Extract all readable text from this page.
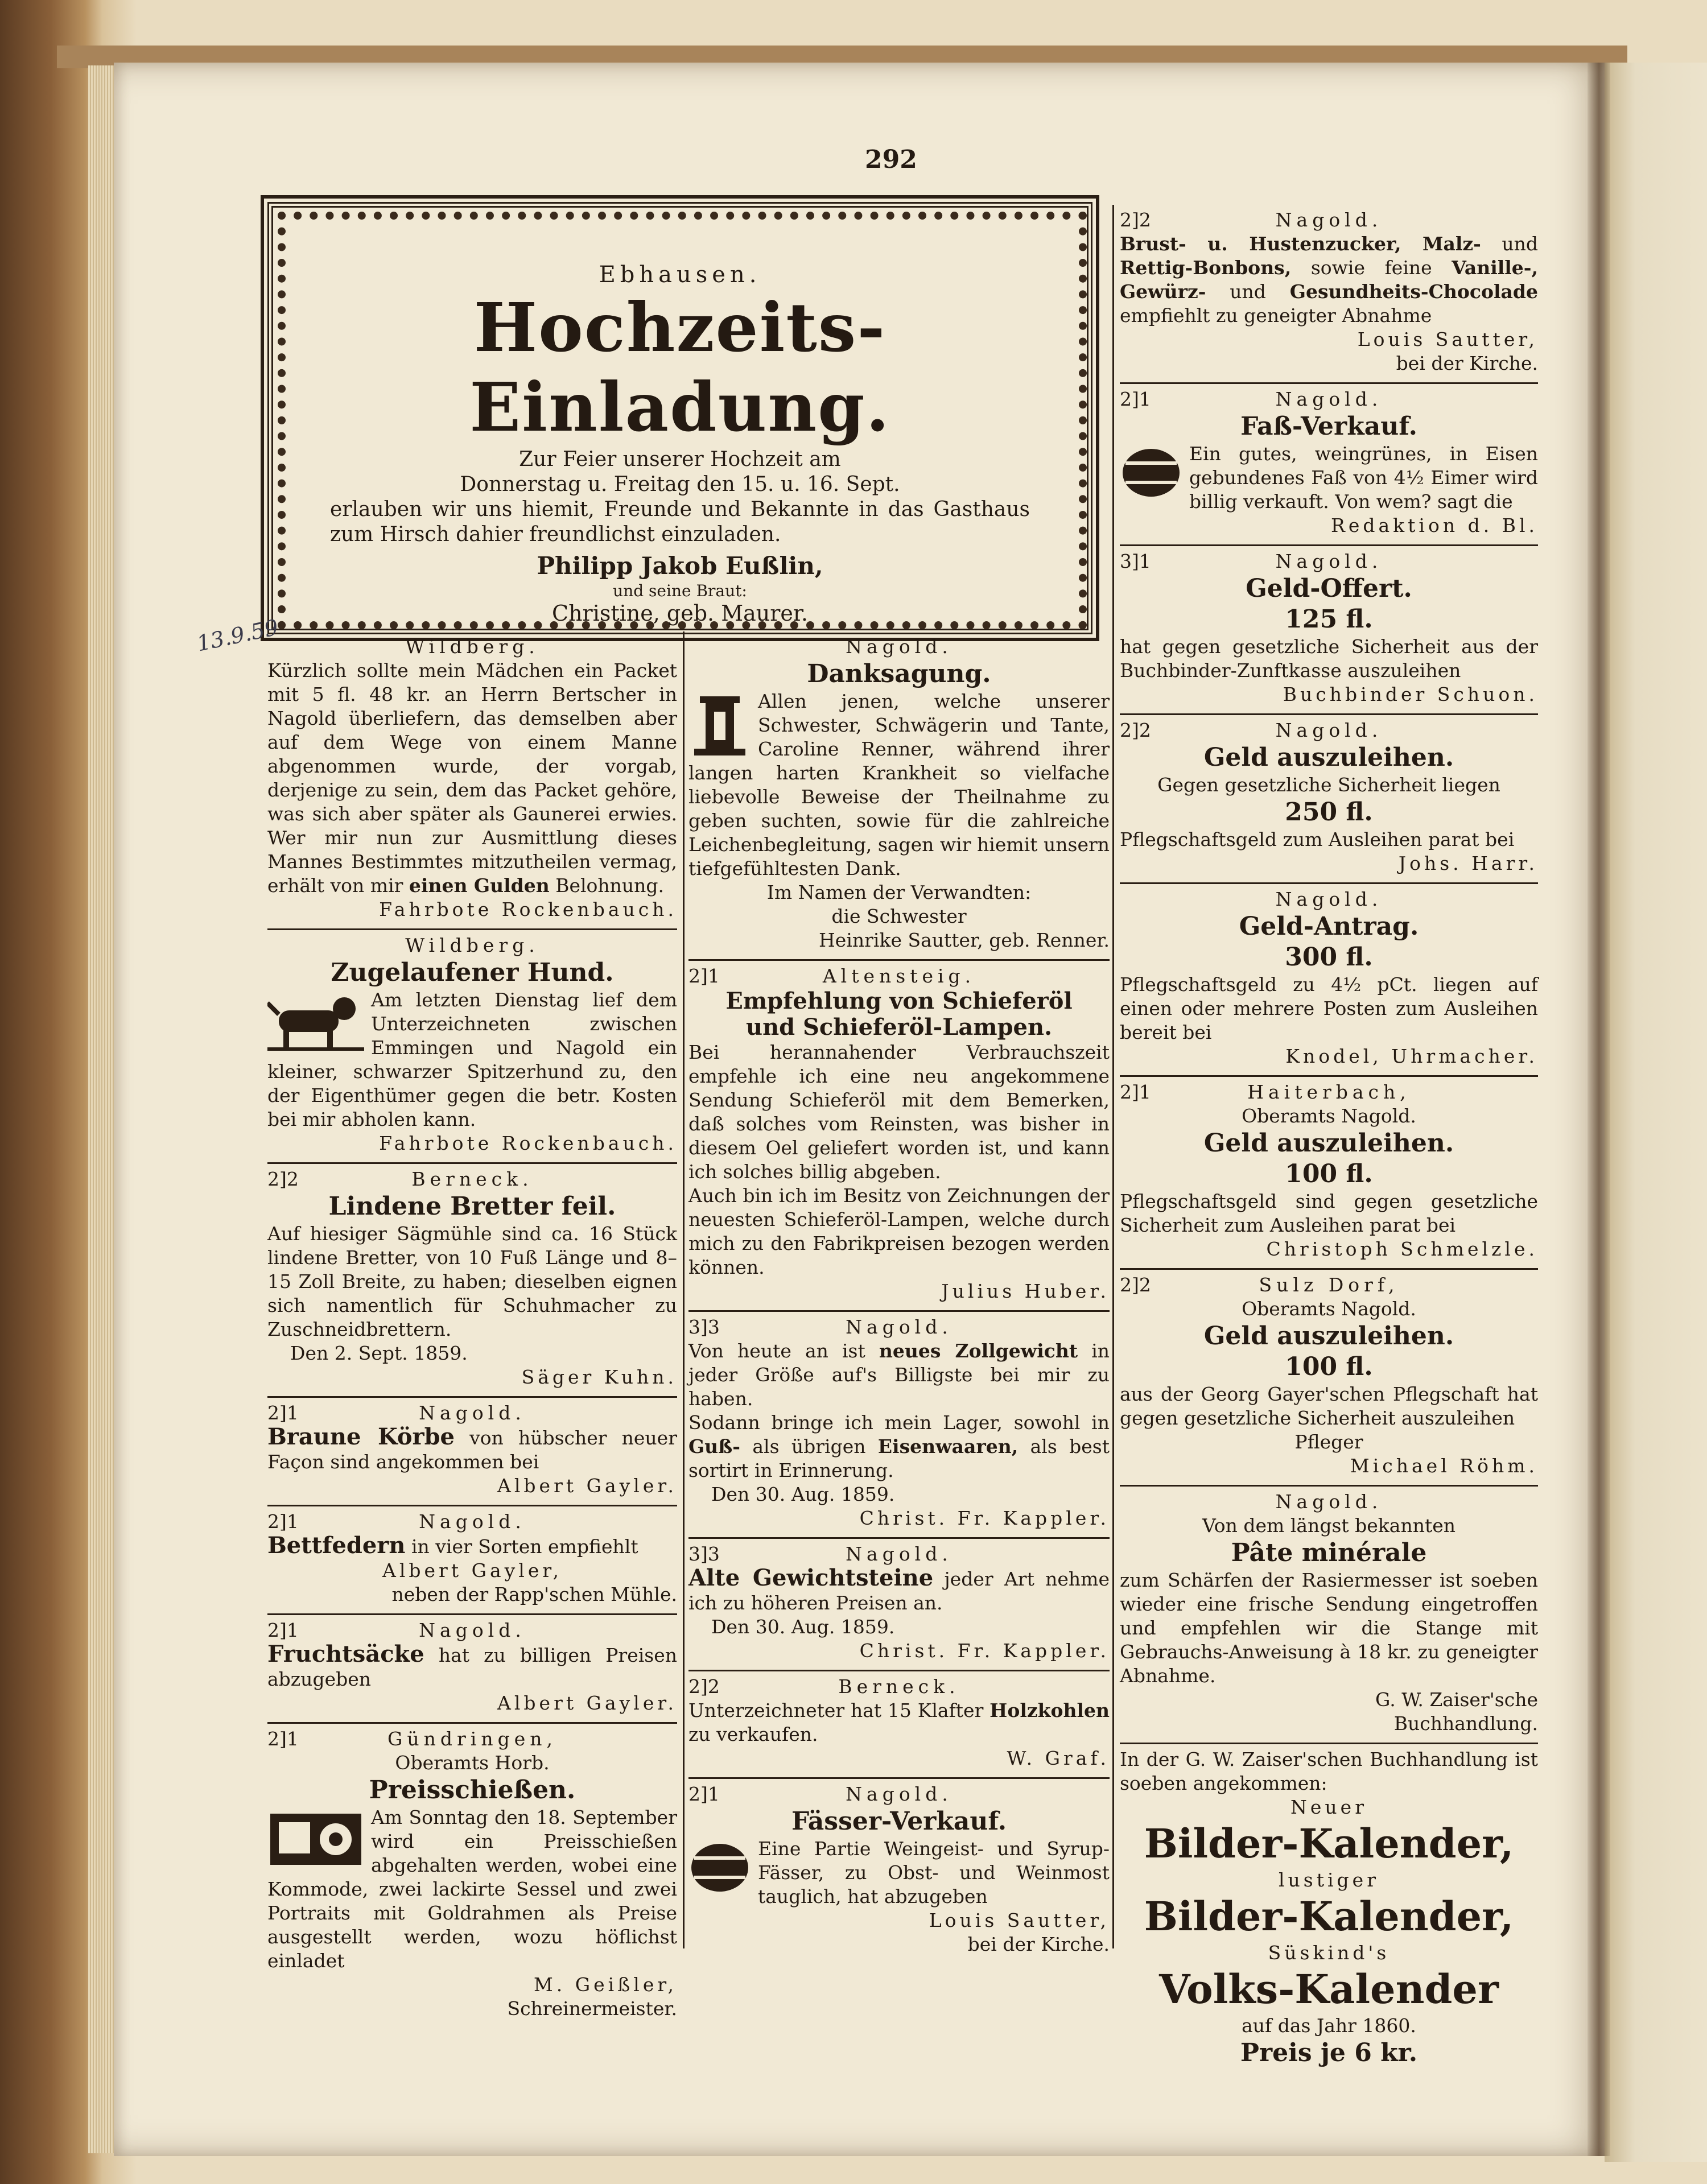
292
Ebhausen.
Hochzeits-Einladung.

Zur Feier unserer Hochzeit am

Donnerstag u. Freitag den 15. u. 16. Sept.

erlauben wir uns hiemit, Freunde und Bekannte in das Gasthaus zum Hirsch dahier freundlichst einzuladen.

Philipp Jakob Eußlin,

und seine Braut:

Christine, geb. Maurer.

13.9.59	Wildberg.

Kürzlich sollte mein Mädchen ein Packet mit 5 fl. 48 kr. an Herrn Bertscher in Nagold überliefern, das demselben aber auf dem Wege von einem Manne abgenommen wurde, der vorgab, derjenige zu sein, dem das Packet gehöre, was sich aber später als Gaunerei erwies. Wer mir nun zur Ausmittlung dieses Mannes Bestimmtes mitzutheilen vermag, erhält von mir einen Gulden Belohnung.

Fahrbote Rockenbauch.
Wildberg.
Zugelaufener Hund.

Am letzten Dienstag lief dem Unterzeichneten zwischen Emmingen und Nagold ein kleiner, schwarzer Spitzerhund zu, den der Eigenthümer gegen die betr. Kosten bei mir abholen kann.

Fahrbote Rockenbauch.
2]2	Berneck.
Lindene Bretter feil.

Auf hiesiger Sägmühle sind ca. 16 Stück lindene Bretter, von 10 Fuß Länge und 8–15 Zoll Breite, zu haben; dieselben eignen sich namentlich für Schuhmacher zu Zuschneidbrettern.

Den 2. Sept. 1859.

Säger Kuhn.
2]1	Nagold.

Braune Körbe von hübscher neuer Façon sind angekommen bei

Albert Gayler.
2]1	Nagold.

Bettfedern in vier Sorten empfiehlt

Albert Gayler,
neben der Rapp'schen Mühle.
2]1	Nagold.

Fruchtsäcke hat zu billigen Preisen abzugeben

Albert Gayler.
2]1	Gündringen,
Oberamts Horb.
Preisschießen.

Am Sonntag den 18. September wird ein Preisschießen abgehalten werden, wobei eine Kommode, zwei lackirte Sessel und zwei Portraits mit Goldrahmen als Preise ausgestellt werden, wozu höflichst einladet

M. Geißler,
Schreinermeister.
Nagold.
Danksagung.

Allen jenen, welche unserer Schwester, Schwägerin und Tante, Caroline Renner, während ihrer langen harten Krankheit so vielfache liebevolle Beweise der Theilnahme zu geben suchten, sowie für die zahlreiche Leichenbegleitung, sagen wir hiemit unsern tiefgefühltesten Dank.

Im Namen der Verwandten:
die Schwester
Heinrike Sautter, geb. Renner.
2]1	Altensteig.
Empfehlung von Schieferöl
und Schieferöl-Lampen.

Bei herannahender Verbrauchszeit empfehle ich eine neu angekommene Sendung Schieferöl mit dem Bemerken, daß solches vom Reinsten, was bisher in diesem Oel geliefert worden ist, und kann ich solches billig abgeben.

Auch bin ich im Besitz von Zeichnungen der neuesten Schieferöl-Lampen, welche durch mich zu den Fabrikpreisen bezogen werden können.

Julius Huber.
3]3	Nagold.

Von heute an ist neues Zollgewicht in jeder Größe auf's Billigste bei mir zu haben.

Sodann bringe ich mein Lager, sowohl in Guß- als übrigen Eisenwaaren, als best sortirt in Erinnerung.

Den 30. Aug. 1859.

Christ. Fr. Kappler.
3]3	Nagold.

Alte Gewichtsteine jeder Art nehme ich zu höheren Preisen an.

Den 30. Aug. 1859.

Christ. Fr. Kappler.
2]2	Berneck.

Unterzeichneter hat 15 Klafter Holzkohlen zu verkaufen.

W. Graf.
2]1	Nagold.
Fässer-Verkauf.

Eine Partie Weingeist- und Syrup-Fässer, zu Obst- und Weinmost tauglich, hat abzugeben

Louis Sautter,
bei der Kirche.
2]2	Nagold.

Brust- u. Hustenzucker, Malz- und Rettig-Bonbons, sowie feine Vanille-, Gewürz- und Gesundheits-Chocolade empfiehlt zu geneigter Abnahme

Louis Sautter,
bei der Kirche.
2]1	Nagold.
Faß-Verkauf.

Ein gutes, weingrünes, in Eisen gebundenes Faß von 4½ Eimer wird billig verkauft. Von wem? sagt die

Redaktion d. Bl.
3]1	Nagold.
Geld-Offert.
125 fl.

hat gegen gesetzliche Sicherheit aus der Buchbinder-Zunftkasse auszuleihen

Buchbinder Schuon.
2]2	Nagold.
Geld auszuleihen.
Gegen gesetzliche Sicherheit liegen
250 fl.

Pflegschaftsgeld zum Ausleihen parat bei

Johs. Harr.
Nagold.
Geld-Antrag.
300 fl.

Pflegschaftsgeld zu 4½ pCt. liegen auf einen oder mehrere Posten zum Ausleihen bereit bei

Knodel, Uhrmacher.
2]1	Haiterbach,
Oberamts Nagold.
Geld auszuleihen.
100 fl.

Pflegschaftsgeld sind gegen gesetzliche Sicherheit zum Ausleihen parat bei

Christoph Schmelzle.
2]2	Sulz Dorf,
Oberamts Nagold.
Geld auszuleihen.
100 fl.

aus der Georg Gayer'schen Pflegschaft hat gegen gesetzliche Sicherheit auszuleihen

Pfleger
Michael Röhm.
Nagold.
Von dem längst bekannten
Pâte minérale

zum Schärfen der Rasiermesser ist soeben wieder eine frische Sendung eingetroffen und empfehlen wir die Stange mit Gebrauchs-Anweisung à 18 kr. zu geneigter Abnahme.

G. W. Zaiser'sche
Buchhandlung.

In der G. W. Zaiser'schen Buchhandlung ist soeben angekommen:

Neuer
Bilder-Kalender,
lustiger
Bilder-Kalender,
Süskind's
Volks-Kalender
auf das Jahr 1860.
Preis je 6 kr.
